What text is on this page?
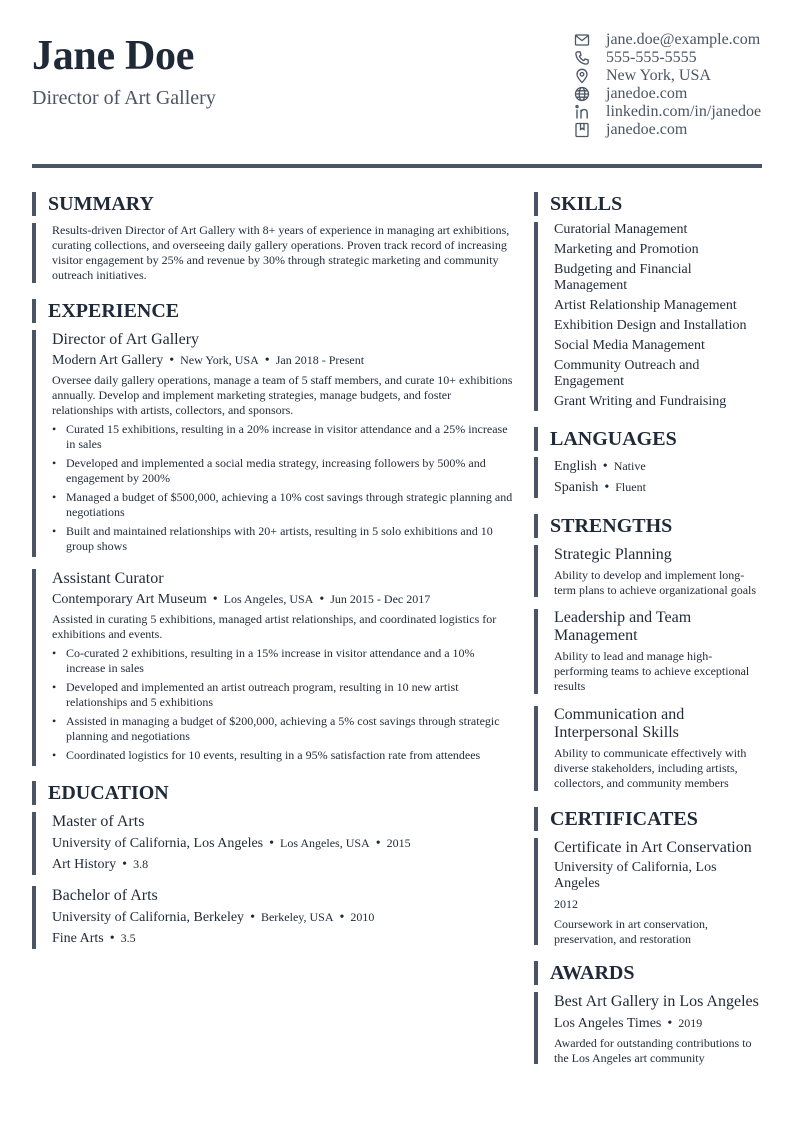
Jane Doe
Director of Art Gallery
jane.doe@example.com
555-555-5555
New York, USA
janedoe.com
linkedin.com/in/janedoe
janedoe.com
SUMMARY
Results-driven Director of Art Gallery with 8+ years of experience in managing art exhibitions, curating collections, and overseeing daily gallery operations. Proven track record of increasing visitor engagement by 25% and revenue by 30% through strategic marketing and community outreach initiatives.
EXPERIENCE
Director of Art Gallery
Modern Art Gallery • New York, USA • Jan 2018 - Present
Oversee daily gallery operations, manage a team of 5 staff members, and curate 10+ exhibitions annually. Develop and implement marketing strategies, manage budgets, and foster relationships with artists, collectors, and sponsors.
• Curated 15 exhibitions, resulting in a 20% increase in visitor attendance and a 25% increase in sales
• Developed and implemented a social media strategy, increasing followers by 500% and engagement by 200%
• Managed a budget of $500,000, achieving a 10% cost savings through strategic planning and negotiations
• Built and maintained relationships with 20+ artists, resulting in 5 solo exhibitions and 10 group shows
Assistant Curator
Contemporary Art Museum • Los Angeles, USA • Jun 2015 - Dec 2017
Assisted in curating 5 exhibitions, managed artist relationships, and coordinated logistics for exhibitions and events.
• Co-curated 2 exhibitions, resulting in a 15% increase in visitor attendance and a 10% increase in sales
• Developed and implemented an artist outreach program, resulting in 10 new artist relationships and 5 exhibitions
• Assisted in managing a budget of $200,000, achieving a 5% cost savings through strategic planning and negotiations
• Coordinated logistics for 10 events, resulting in a 95% satisfaction rate from attendees
EDUCATION
Master of Arts
University of California, Los Angeles • Los Angeles, USA • 2015
Art History • 3.8
Bachelor of Arts
University of California, Berkeley • Berkeley, USA • 2010
Fine Arts • 3.5
SKILLS
Curatorial Management
Marketing and Promotion
Budgeting and Financial Management
Artist Relationship Management
Exhibition Design and Installation
Social Media Management
Community Outreach and Engagement
Grant Writing and Fundraising
LANGUAGES
English • Native
Spanish • Fluent
STRENGTHS
Strategic Planning
Ability to develop and implement long-term plans to achieve organizational goals
Leadership and Team Management
Ability to lead and manage high-performing teams to achieve exceptional results
Communication and Interpersonal Skills
Ability to communicate effectively with diverse stakeholders, including artists, collectors, and community members
CERTIFICATES
Certificate in Art Conservation
University of California, Los Angeles
2012
Coursework in art conservation, preservation, and restoration
AWARDS
Best Art Gallery in Los Angeles
Los Angeles Times • 2019
Awarded for outstanding contributions to the Los Angeles art community
